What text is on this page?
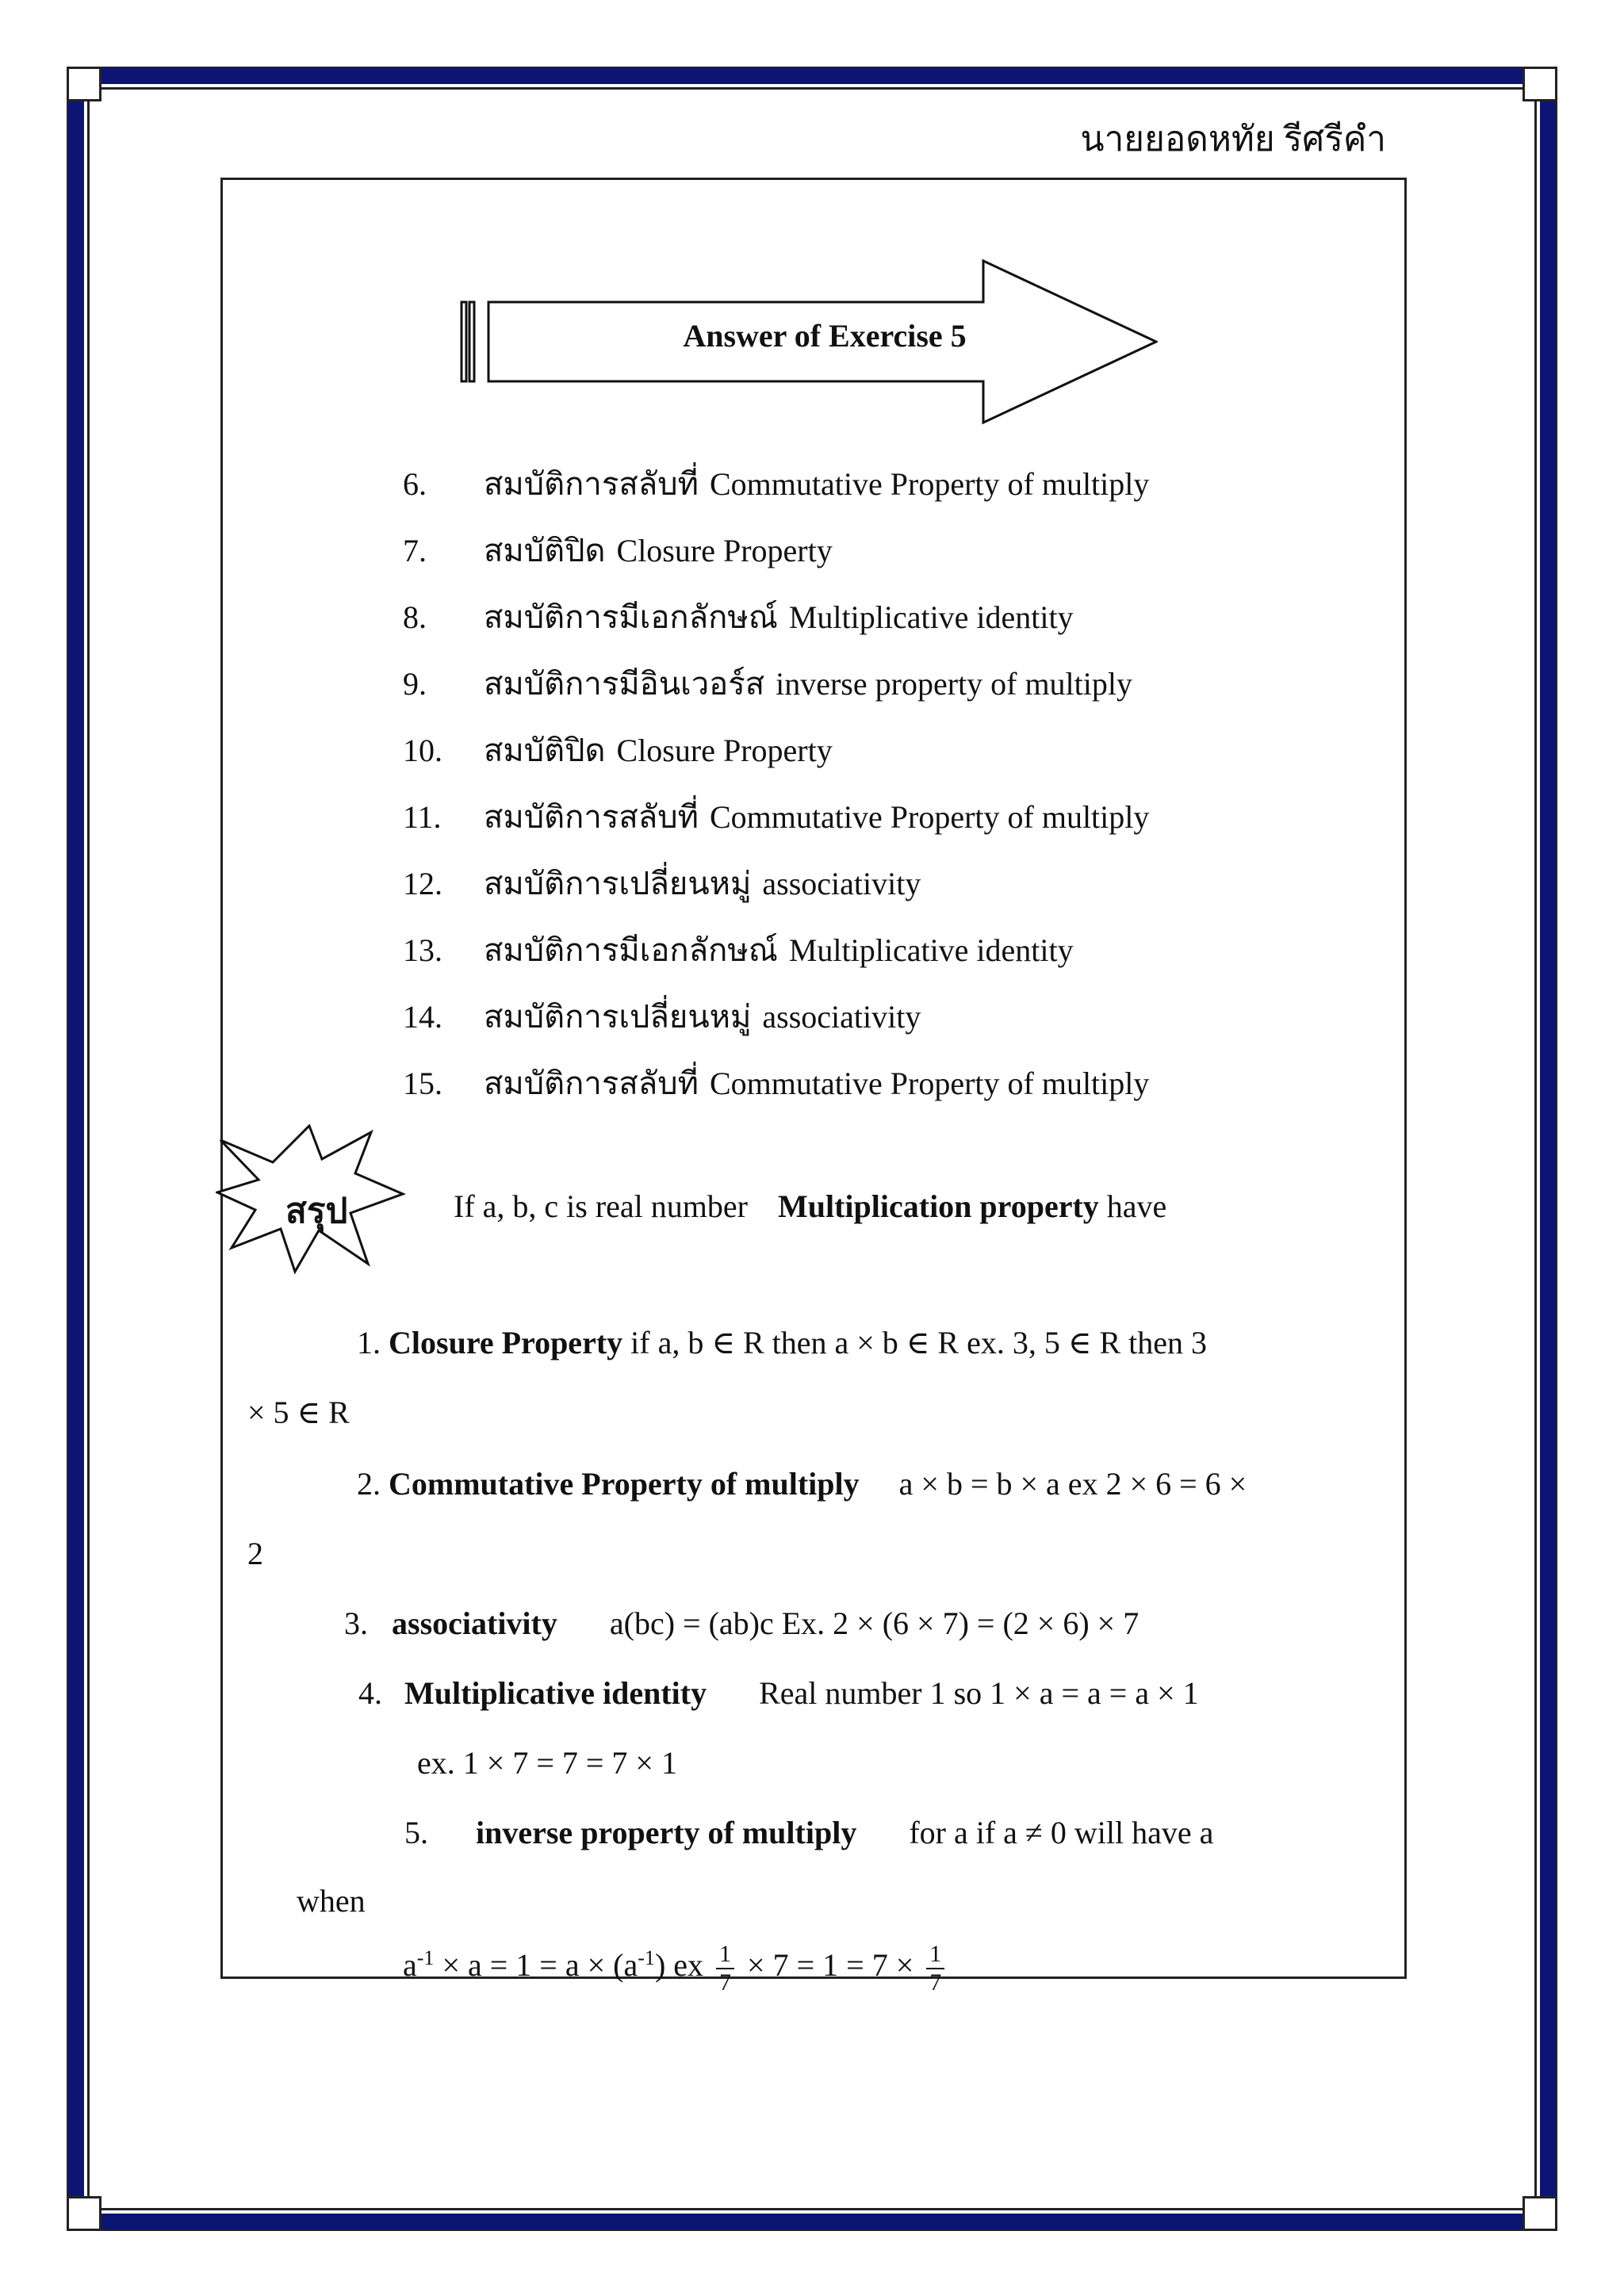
นายยอดหทัย รีศรีคำ
Answer of Exercise 5
6.	สมบัติการสลับที่ Commutative Property of multiply
7.	สมบัติปิด Closure Property
8.	สมบัติการมีเอกลักษณ์ Multiplicative identity
9.	สมบัติการมีอินเวอร์ส inverse property of multiply
10.	สมบัติปิด Closure Property
11.	สมบัติการสลับที่ Commutative Property of multiply
12.	สมบัติการเปลี่ยนหมู่ associativity
13.	สมบัติการมีเอกลักษณ์ Multiplicative identity
14.	สมบัติการเปลี่ยนหมู่ associativity
15.	สมบัติการสลับที่ Commutative Property of multiply
สรุป	If a, b, c is real number Multiplication property have
1. Closure Property if a, b ∈ R then a × b ∈ R ex. 3, 5 ∈ R then 3
× 5 ∈ R
2. Commutative Property of multiply a × b = b × a ex 2 × 6 = 6 ×
2
3. associativity a(bc) = (ab)c Ex. 2 × (6 × 7) = (2 × 6) × 7
4. Multiplicative identity Real number 1 so 1 × a = a = a × 1
ex. 1 × 7 = 7 = 7 × 1
5. inverse property of multiply for a if a ≠ 0 will have a
when
$a^{-1} \times a = 1 = a \times (a^{-1})$ ex $\frac{1}{7} \times 7 = 1 = 7 \times \frac{1}{7}$
